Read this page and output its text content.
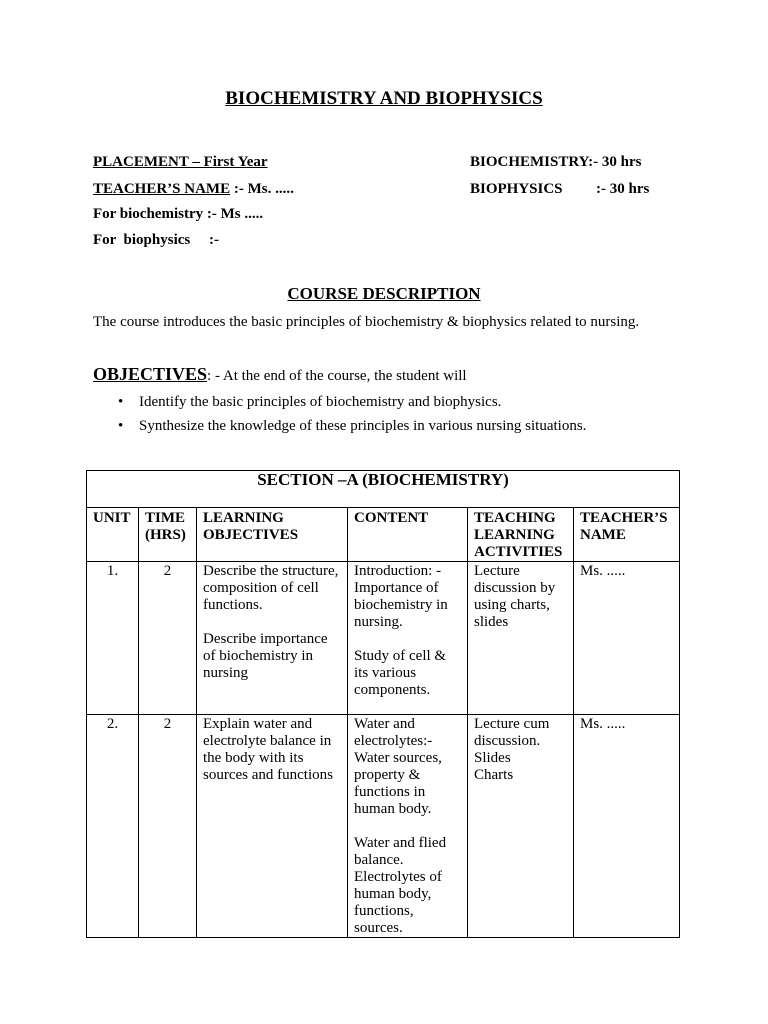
BIOCHEMISTRY AND BIOPHYSICS
PLACEMENT – First Year	BIOCHEMISTRY:- 30 hrs
TEACHER’S NAME :- Ms. .....	BIOPHYSICS :- 30 hrs
For biochemistry :- Ms .....
For  biophysics     :-
COURSE DESCRIPTION
The course introduces the basic principles of biochemistry & biophysics related to nursing.
OBJECTIVES: - At the end of the course, the student will
• Identify the basic principles of biochemistry and biophysics.
• Synthesize the knowledge of these principles in various nursing situations.
SECTION –A (BIOCHEMISTRY)					
UNIT	TIME (HRS)	LEARNING OBJECTIVES	CONTENT	TEACHING LEARNING ACTIVITIES	TEACHER’S NAME
1.	2	Describe the structure, composition of cell functions.

Describe importance of biochemistry in nursing	Introduction: - Importance of biochemistry in nursing.

Study of cell & its various components.	Lecture discussion by using charts, slides	Ms. .....
2.	2	Explain water and electrolyte balance in the body with its sources and functions	Water and electrolytes:- Water sources, property & functions in human body.

Water and flied balance.
Electrolytes of human body, functions, sources.	Lecture cum discussion.
Slides
Charts	Ms. .....
